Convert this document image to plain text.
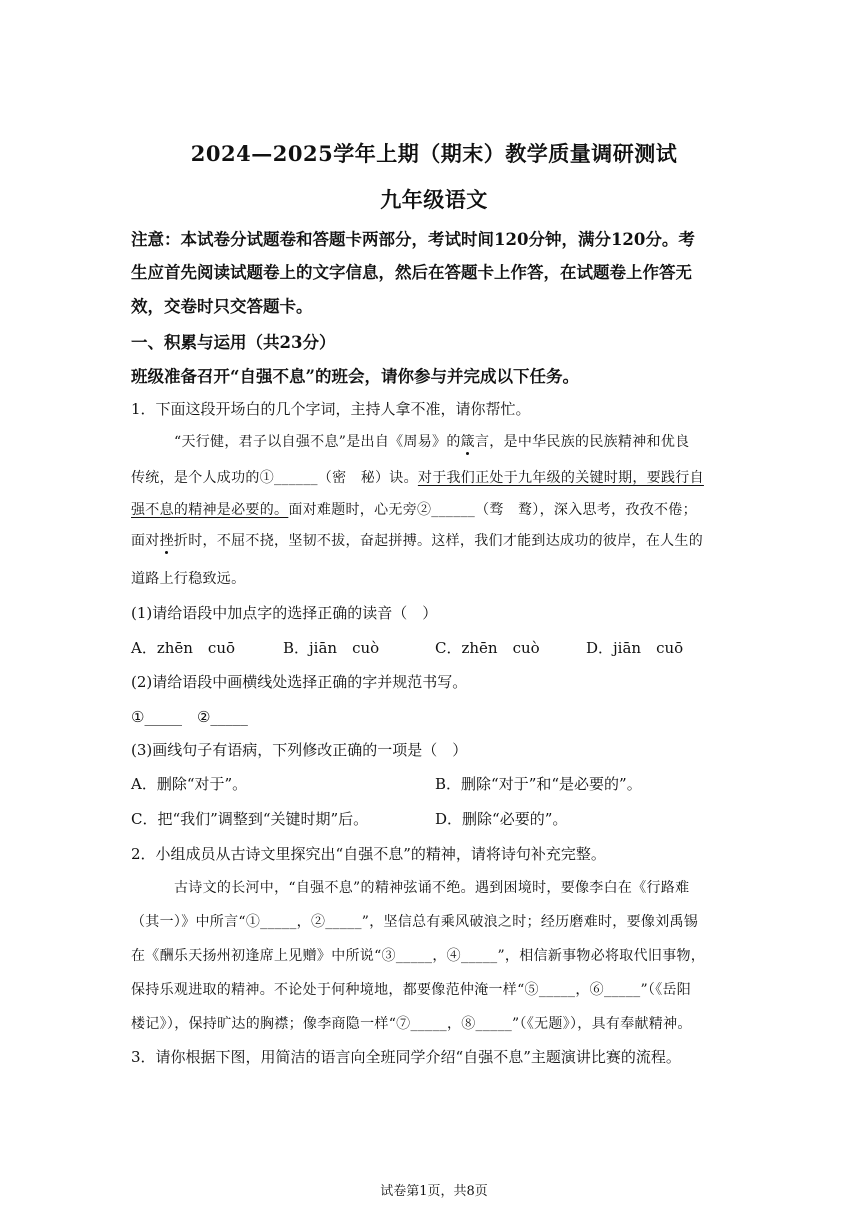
2024—2025学年上期（期末）教学质量调研测试
九年级语文
注意：本试卷分试题卷和答题卡两部分，考试时间120分钟，满分120分。考
生应首先阅读试题卷上的文字信息，然后在答题卡上作答，在试题卷上作答无
效，交卷时只交答题卡。
一、积累与运用（共23分）
班级准备召开“自强不息”的班会，请你参与并完成以下任务。
1．下面这段开场白的几个字词，主持人拿不准，请你帮忙。
“天行健，君子以自强不息”是出自《周易》的箴言，是中华民族的民族精神和优良
传统，是个人成功的①______（密　秘）诀。对于我们正处于九年级的关键时期，要践行自
强不息的精神是必要的。面对难题时，心无旁②______（骛　鹜），深入思考，孜孜不倦；
面对挫折时，不屈不挠，坚韧不拔，奋起拼搏。这样，我们才能到达成功的彼岸，在人生的
道路上行稳致远。
(1)请给语段中加点字的选择正确的读音（　）
A．zhēn　cuō	B．jiān　cuò	C．zhēn　cuò	D．jiān　cuō
(2)请给语段中画横线处选择正确的字并规范书写。
①_____　②_____
(3)画线句子有语病，下列修改正确的一项是（　）
A．删除“对于”。	B．删除“对于”和“是必要的”。
C．把“我们”调整到“关键时期”后。	D．删除“必要的”。
2．小组成员从古诗文里探究出“自强不息”的精神，请将诗句补充完整。
古诗文的长河中，“自强不息”的精神弦诵不绝。遇到困境时，要像李白在《行路难
（其一）》中所言“①_____，②_____”，坚信总有乘风破浪之时；经历磨难时，要像刘禹锡
在《酬乐天扬州初逢席上见赠》中所说“③_____，④_____”，相信新事物必将取代旧事物，
保持乐观进取的精神。不论处于何种境地，都要像范仲淹一样“⑤_____，⑥_____”（《岳阳
楼记》），保持旷达的胸襟；像李商隐一样“⑦_____，⑧_____”（《无题》），具有奉献精神。
3．请你根据下图，用简洁的语言向全班同学介绍“自强不息”主题演讲比赛的流程。
试卷第1页，共8页
